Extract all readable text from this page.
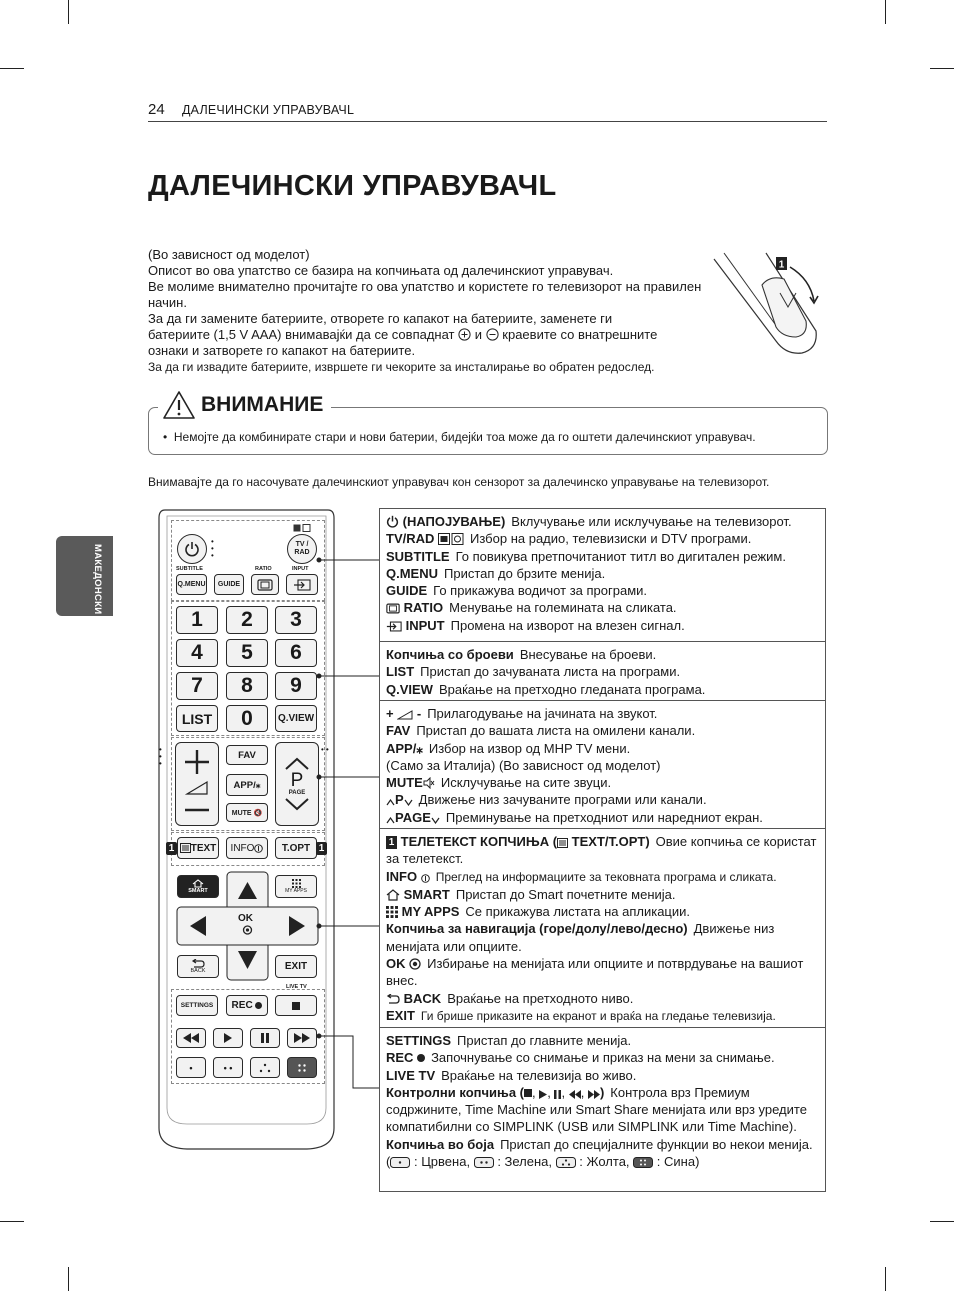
24 ДАЛЕЧИНСКИ УПРАВУВАЧL
МАКЕДОНСКИ
ДАЛЕЧИНСКИ УПРАВУВАЧL

(Во зависност од моделот)

Описот во ова упатство се базира на копчињата од далечинскиот управувач.

Ве молиме внимателно прочитајте го ова упатство и користете го телевизорот на правилен начин.

За да ги замените батериите, отворете го капакот на батериите, заменете ги

батериите (1,5 V AAA) внимавајќи да се совпаднат и краевите со внатрешните

ознаки и затворете го капакот на батериите.

За да ги извадите батериите, извршете ги чекорите за инсталирање во обратен редослед.

1
ВНИМАНИЕ
•  Немојте да комбинирате стари и нови батерии, бидејќи тоа може да го оштети далечинскиот управувач.
Внимавајте да го насочувате далечинскиот управувач кон сензорот за далечинско управување на телевизорот.
•
•
•
TV / RAD
SUBTITLE	RATIO	INPUT
Q.MENU	GUIDE
1	2	3
4	5	6
7	8	9
LIST	0	Q.VIEW
•
•
•
• •
FAV
APP/⁎
MUTE 🔇
P
PAGE
1 TEXT INFO	T.OPT 1
SMART	MY APPS
OK
BACK	EXIT
LIVE TV
SETTINGS	REC

•	• •

(НАПОЈУВАЊЕ) Вклучување или исклучување на телевизорот.

TV/RAD	Избор на радио, телевизиски и DTV програми.

SUBTITLE Го повикува претпочитаниот титл во дигитален режим.

Q.MENU Пристап до брзите менија.

GUIDE Го прикажува водичот за програми.

RATIO Менување на големината на сликата.

INPUT Промена на изворот на влезен сигнал.

Копчиња со броеви Внесување на броеви.

LIST Пристап до зачуваната листа на програми.

Q.VIEW Враќање на претходно гледаната програма.

+ - Прилагодување на јачината на звукот.

FAV Пристап до вашата листа на омилени канали.

APP/⁎ Избор на извор од MHP TV мени.

(Само за Италија) (Во зависност од моделот)

MUTE Исклучување на сите звуци.

P Движење низ зачуваните програми или канали.

PAGE Преминување на претходниот или наредниот екран.

1 ТЕЛЕТЕКСТ КОПЧИЊА ( TEXT/T.OPT) Овие копчиња се користат за телетекст.

INFO Преглед на информациите за тековната програма и сликата.

SMART Пристап до Smart почетните менија.

MY APPS Се прикажува листата на апликации.

Копчиња за навигација (горе/долу/лево/десно) Движење низ менијата или опциите.

OK Избирање на менијата или опциите и потврдување на вашиот внес.

BACK Враќање на претходното ниво.

EXIT Ги брише приказите на екранот и враќа на гледање телевизија.

SETTINGS Пристап до главните менија.

REC Започнување со снимање и приказ на мени за снимање.

LIVE TV Враќање на телевизија во живо.

Контролни копчиња ( , , , , ) Контрола врз Премиум содржините, Time Machine или Smart Share менијата или врз уредите компатибилни со SIMPLINK (USB или SIMPLINK или Time Machine).

Копчиња во боја Пристап до специјалните функции во некои менија. ( : Црвена, : Зелена, : Жолта, : Сина)
